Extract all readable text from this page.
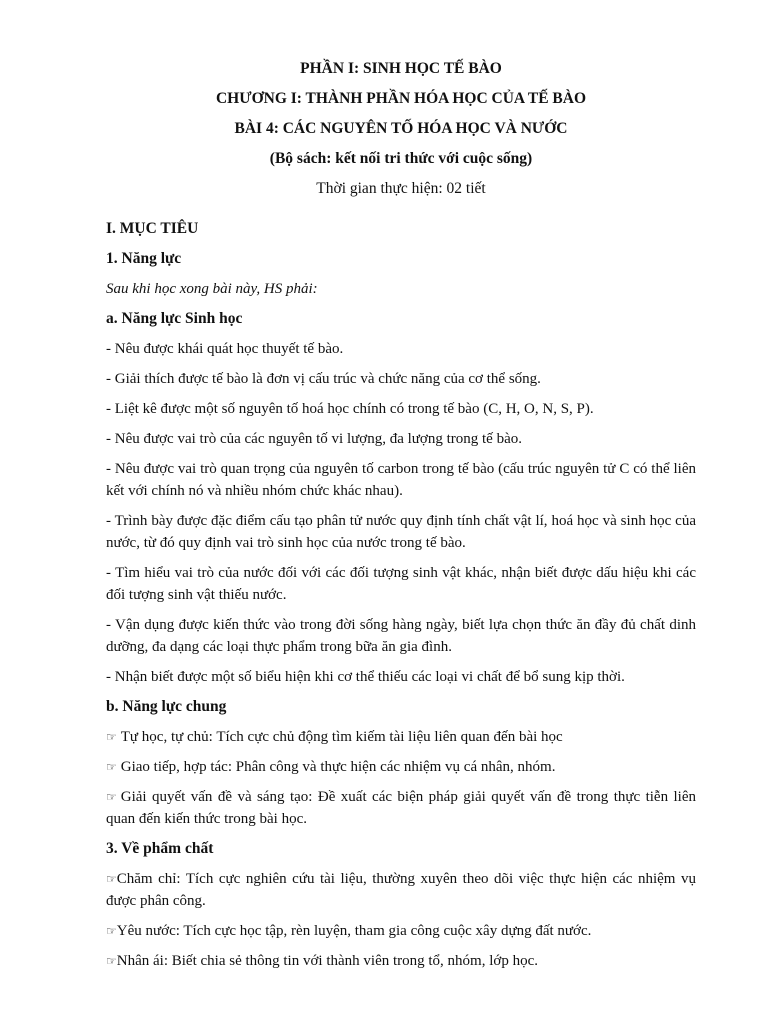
PHẦN I: SINH HỌC TẾ BÀO

CHƯƠNG I: THÀNH PHẦN HÓA HỌC CỦA TẾ BÀO

BÀI 4: CÁC NGUYÊN TỐ HÓA HỌC VÀ NƯỚC

(Bộ sách: kết nối tri thức với cuộc sống)

Thời gian thực hiện: 02 tiết

I. MỤC TIÊU

1. Năng lực

Sau khi học xong bài này, HS phải:

a. Năng lực Sinh học

- Nêu được khái quát học thuyết tế bào.

- Giải thích được tế bào là đơn vị cấu trúc và chức năng của cơ thể sống.

- Liệt kê được một số nguyên tố hoá học chính có trong tế bào (C, H, O, N, S, P).

- Nêu được vai trò của các nguyên tố vi lượng, đa lượng trong tế bào.

- Nêu được vai trò quan trọng của nguyên tố carbon trong tế bào (cấu trúc nguyên tử C có thể liên kết với chính nó và nhiều nhóm chức khác nhau).

- Trình bày được đặc điểm cấu tạo phân tử nước quy định tính chất vật lí, hoá học và sinh học của nước, từ đó quy định vai trò sinh học của nước trong tế bào.

- Tìm hiểu vai trò của nước đối với các đối tượng sinh vật khác, nhận biết được dấu hiệu khi các đối tượng sinh vật thiếu nước.

- Vận dụng được kiến thức vào trong đời sống hàng ngày, biết lựa chọn thức ăn đầy đủ chất dinh dưỡng, đa dạng các loại thực phẩm trong bữa ăn gia đình.

- Nhận biết được một số biểu hiện khi cơ thể thiếu các loại vi chất để bổ sung kịp thời.

b. Năng lực chung

☞ Tự học, tự chủ: Tích cực chủ động tìm kiếm tài liệu liên quan đến bài học

☞ Giao tiếp, hợp tác: Phân công và thực hiện các nhiệm vụ cá nhân, nhóm.

☞ Giải quyết vấn đề và sáng tạo: Đề xuất các biện pháp giải quyết vấn đề trong thực tiễn liên quan đến kiến thức trong bài học.

3. Về phẩm chất

☞Chăm chỉ: Tích cực nghiên cứu tài liệu, thường xuyên theo dõi việc thực hiện các nhiệm vụ được phân công.

☞Yêu nước: Tích cực học tập, rèn luyện, tham gia công cuộc xây dựng đất nước.

☞Nhân ái: Biết chia sẻ thông tin với thành viên trong tổ, nhóm, lớp học.
